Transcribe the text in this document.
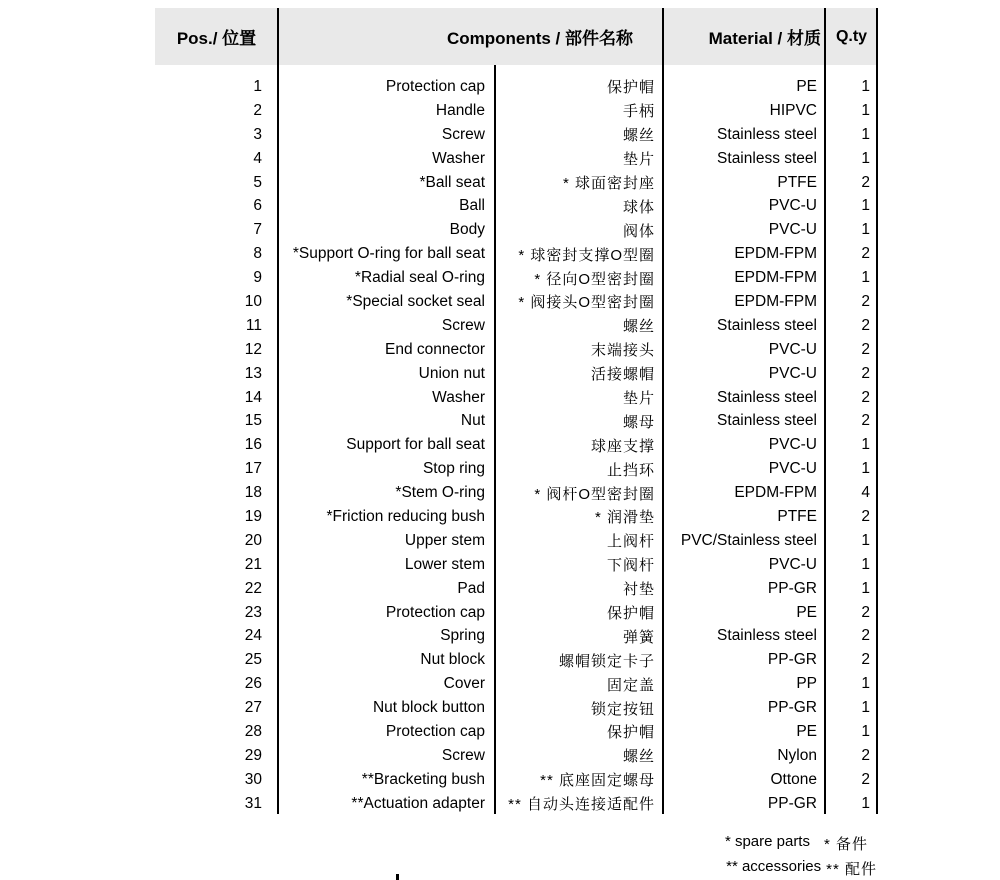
Pos./ 位置	Components / 部件名称	Material / 材质 Q.ty
1	Protection cap	保护帽	PE	1
2	Handle	手柄	HIPVC	1
3	Screw	螺丝	Stainless steel	1
4	Washer	垫片	Stainless steel	1
5	*Ball seat	* 球面密封座	PTFE	2
6	Ball	球体	PVC-U	1
7	Body	阀体	PVC-U	1
8	*Support O-ring for ball seat	* 球密封支撑O型圈	EPDM-FPM	2
9	*Radial seal O-ring	* 径向O型密封圈	EPDM-FPM	1
10	*Special socket seal	* 阀接头O型密封圈	EPDM-FPM	2
11	Screw	螺丝	Stainless steel	2
12	End connector	末端接头	PVC-U	2
13	Union nut	活接螺帽	PVC-U	2
14	Washer	垫片	Stainless steel	2
15	Nut	螺母	Stainless steel	2
16	Support for ball seat	球座支撑	PVC-U	1
17	Stop ring	止挡环	PVC-U	1
18	*Stem O-ring	* 阀杆O型密封圈	EPDM-FPM	4
19	*Friction reducing bush	* 润滑垫	PTFE	2
20	Upper stem	上阀杆	PVC/Stainless steel	1
21	Lower stem	下阀杆	PVC-U	1
22	Pad	衬垫	PP-GR	1
23	Protection cap	保护帽	PE	2
24	Spring	弹簧	Stainless steel	2
25	Nut block	螺帽锁定卡子	PP-GR	2
26	Cover	固定盖	PP	1
27	Nut block button	锁定按钮	PP-GR	1
28	Protection cap	保护帽	PE	1
29	Screw	螺丝	Nylon	2
30	**Bracketing bush	** 底座固定螺母	Ottone	2
31	**Actuation adapter	** 自动头连接适配件	PP-GR	1
* spare parts * 备件
** accessories ** 配件
